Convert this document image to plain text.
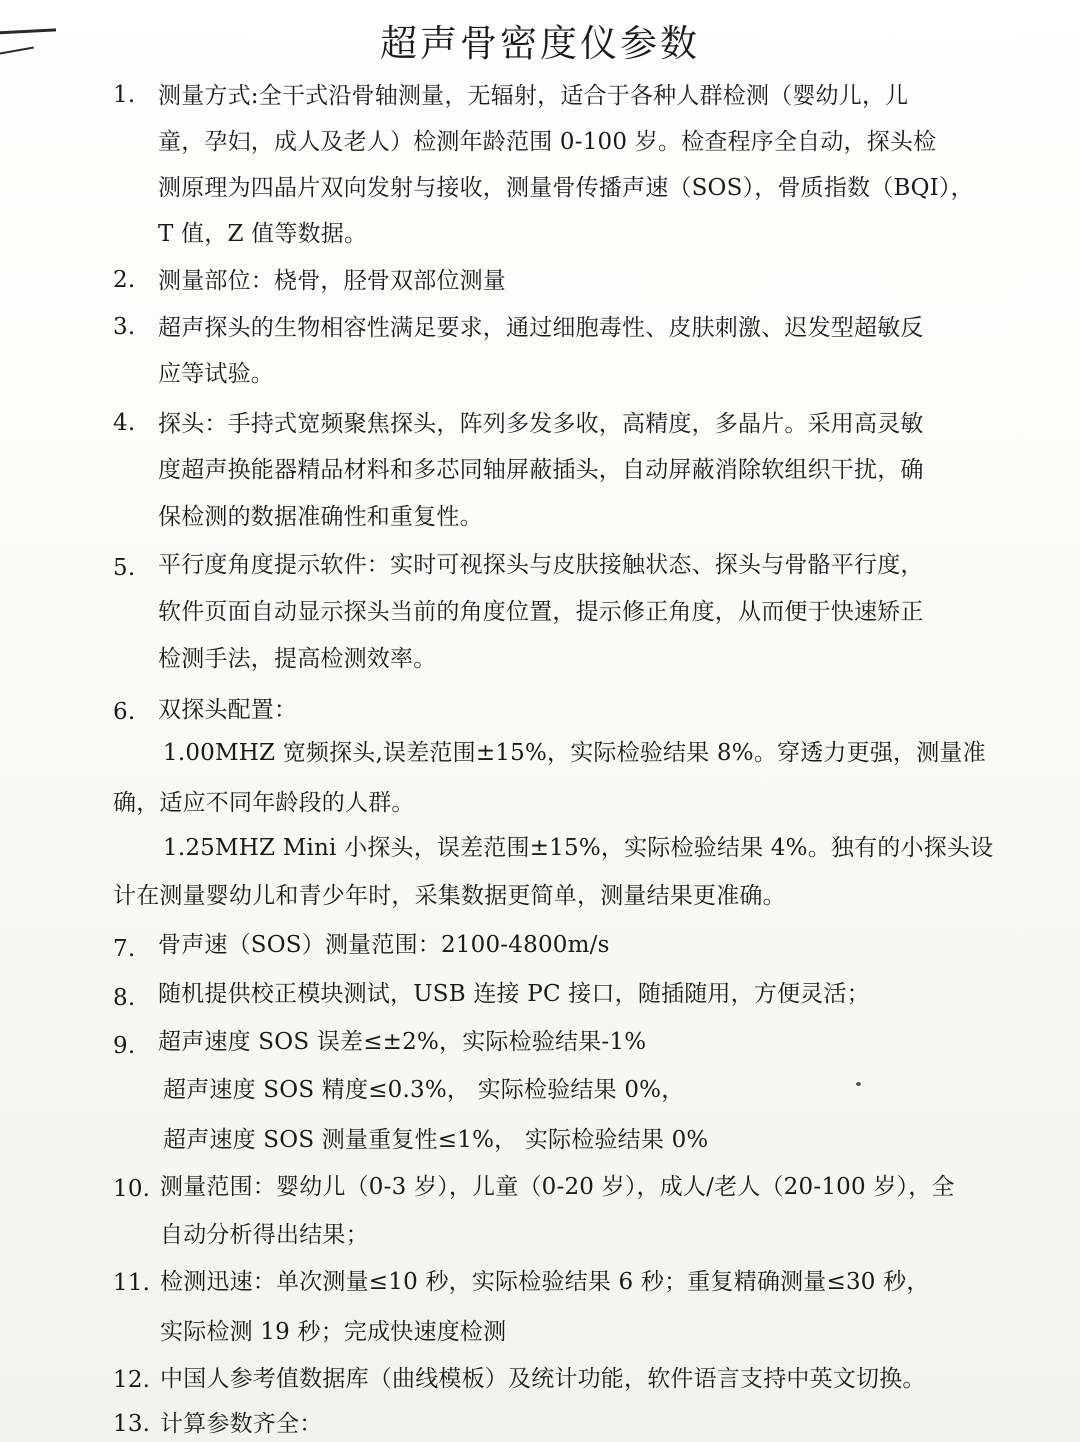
超声骨密度仪参数
1. 测量方式:全干式沿骨轴测量，无辐射，适合于各种人群检测（婴幼儿，儿
童，孕妇，成人及老人）检测年龄范围 0-100 岁。检查程序全自动，探头检
测原理为四晶片双向发射与接收，测量骨传播声速（SOS），骨质指数（BQI），
T 值，Z 值等数据。
2. 测量部位：桡骨，胫骨双部位测量
3. 超声探头的生物相容性满足要求，通过细胞毒性、皮肤刺激、迟发型超敏反
应等试验。
4. 探头：手持式宽频聚焦探头，阵列多发多收，高精度，多晶片。采用高灵敏
度超声换能器精品材料和多芯同轴屏蔽插头，自动屏蔽消除软组织干扰，确
保检测的数据准确性和重复性。
5. 平行度角度提示软件：实时可视探头与皮肤接触状态、探头与骨骼平行度，
软件页面自动显示探头当前的角度位置，提示修正角度，从而便于快速矫正
检测手法，提高检测效率。
6. 双探头配置：
1.00MHZ 宽频探头,误差范围±15%，实际检验结果 8%。穿透力更强，测量准
确，适应不同年龄段的人群。
1.25MHZ Mini 小探头，误差范围±15%，实际检验结果 4%。独有的小探头设
计在测量婴幼儿和青少年时，采集数据更简单，测量结果更准确。
7. 骨声速（SOS）测量范围：2100-4800m/s
8. 随机提供校正模块测试，USB 连接 PC 接口，随插随用，方便灵活；
9. 超声速度 SOS 误差≤±2%，实际检验结果-1%
超声速度 SOS 精度≤0.3%， 实际检验结果 0%，
超声速度 SOS 测量重复性≤1%， 实际检验结果 0%
10. 测量范围：婴幼儿（0-3 岁），儿童（0-20 岁），成人/老人（20-100 岁），全
自动分析得出结果；
11. 检测迅速：单次测量≤10 秒，实际检验结果 6 秒；重复精确测量≤30 秒，
实际检测 19 秒；完成快速度检测
12. 中国人参考值数据库（曲线模板）及统计功能，软件语言支持中英文切换。
13. 计算参数齐全：
